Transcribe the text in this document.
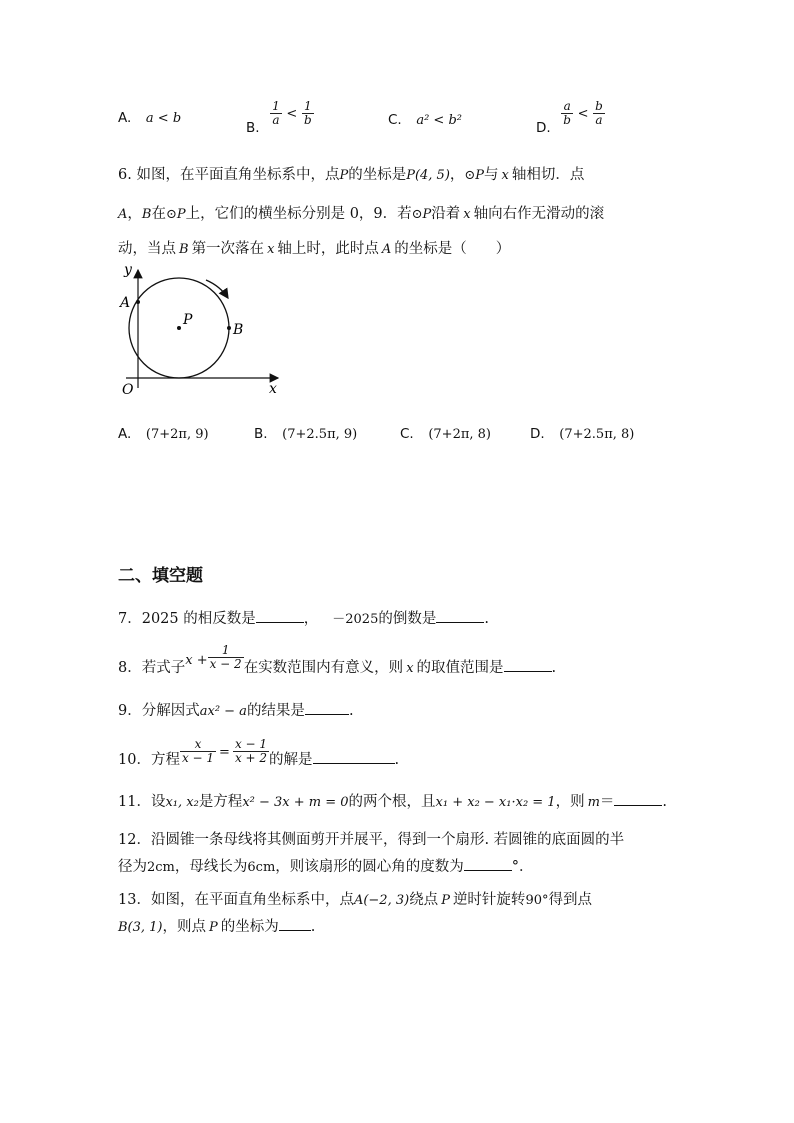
A. a < b
B.
$\frac{1}{a} < \frac{1}{b}$	C. a² < b²	D.
$\frac{a}{b} < \frac{b}{a}$
6. 如图，在平面直角坐标系中，点P的坐标是P(4, 5)，⊙P与 x 轴相切．点
A，B在⊙P上，它们的横坐标分别是 0，9．若⊙P沿着 x 轴向右作无滑动的滚
动，当点 B 第一次落在 x 轴上时，此时点 A 的坐标是（　　）
y
A
P
B
O	x
A. (7+2π, 9)	B. (7+2.5π, 9)	C. (7+2π, 8)	D. (7+2.5π, 8)
二、填空题
7．2025 的相反数是	， －2025的倒数是	.
8．若式子$x + \frac{1}{x - 2}$ 在实数范围内有意义，则 x 的取值范围是	.
9．分解因式ax² − a的结果是	.
10．方程 $\frac{x}{x - 1} = \frac{x - 1}{x + 2}$ 的解是	.
11．设x₁, x₂是方程x² − 3x + m = 0的两个根，且x₁ + x₂ − x₁·x₂ = 1，则 m＝	.
12．沿圆锥一条母线将其侧面剪开并展平，得到一个扇形. 若圆锥的底面圆的半
径为2cm，母线长为6cm，则该扇形的圆心角的度数为	°．
13．如图，在平面直角坐标系中，点A(−2, 3)绕点 P 逆时针旋转90°得到点
B(3, 1)，则点 P 的坐标为 .
